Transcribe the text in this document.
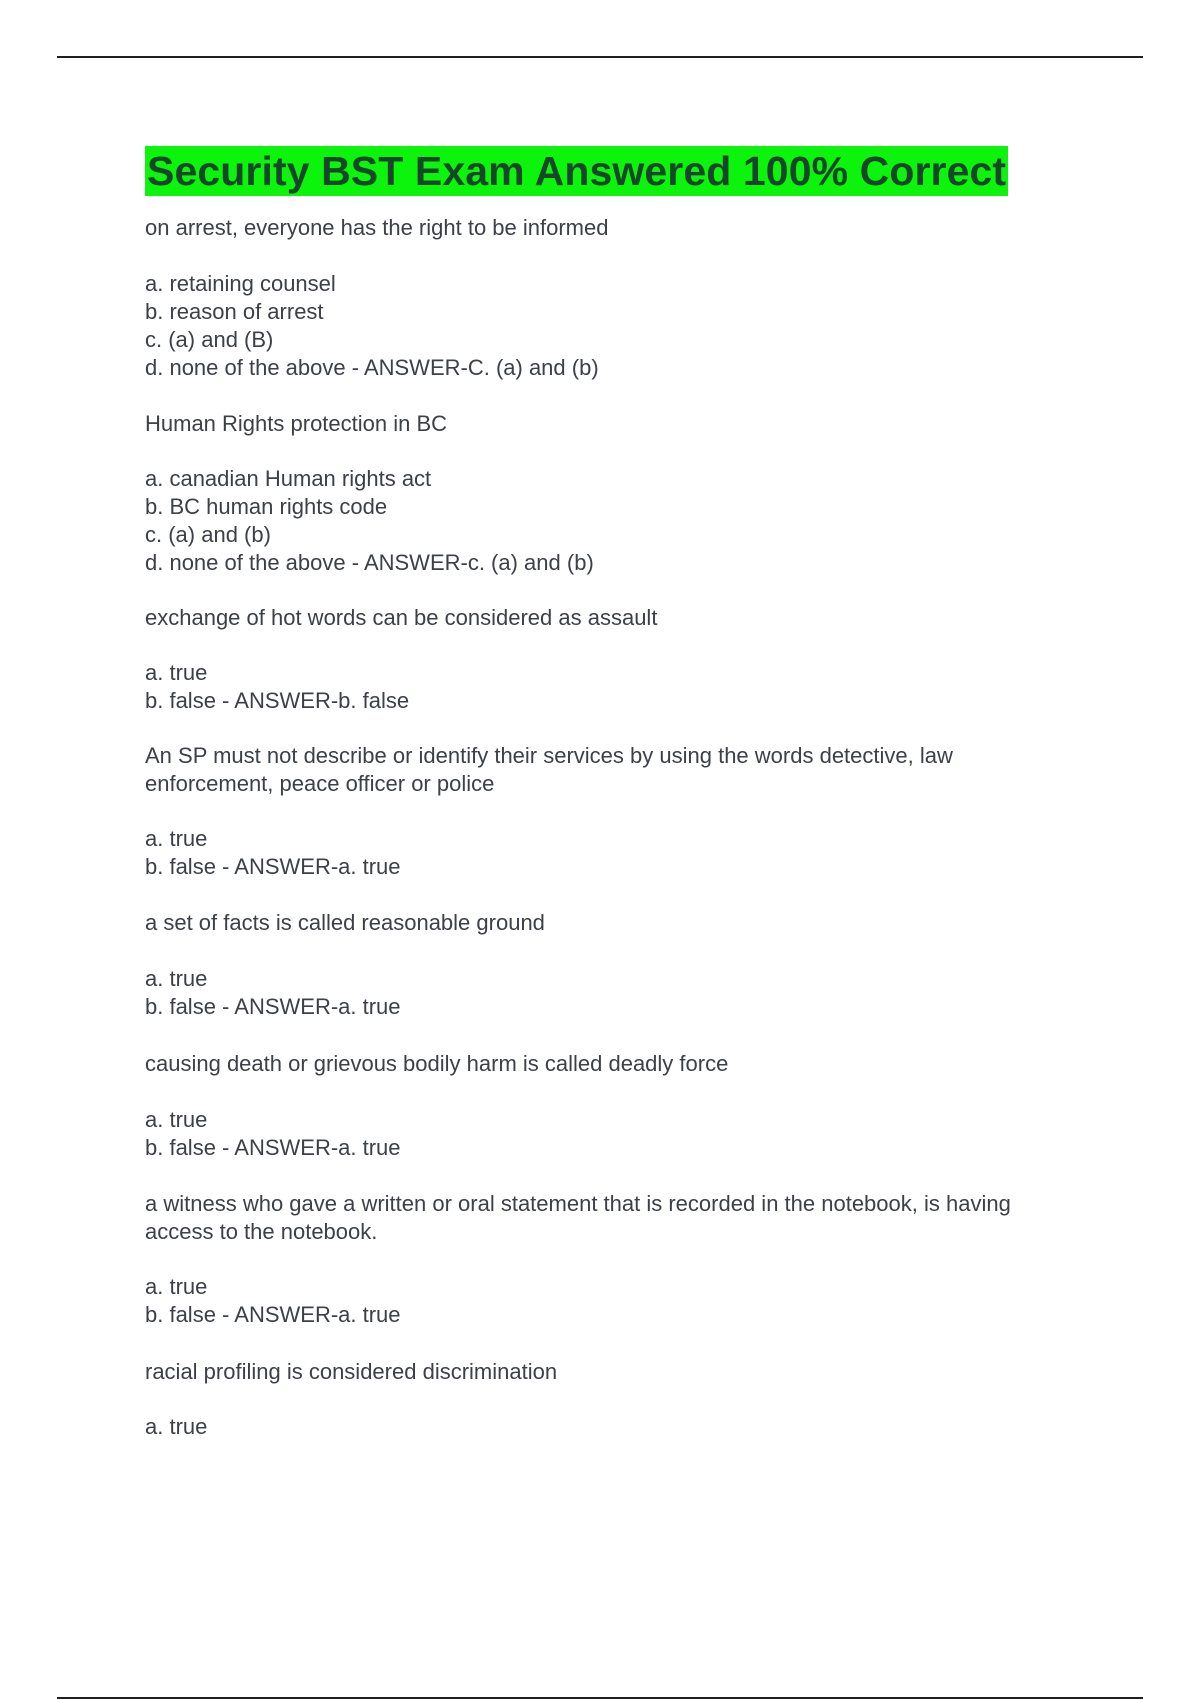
Security BST Exam Answered 100% Correct

on arrest, everyone has the right to be informed

a. retaining counsel
b. reason of arrest
c. (a) and (B)
d. none of the above - ANSWER-C. (a) and (b)

Human Rights protection in BC

a. canadian Human rights act
b. BC human rights code
c. (a) and (b)
d. none of the above - ANSWER-c. (a) and (b)

exchange of hot words can be considered as assault

a. true
b. false - ANSWER-b. false

An SP must not describe or identify their services by using the words detective, law enforcement, peace officer or police

a. true
b. false - ANSWER-a. true

a set of facts is called reasonable ground

a. true
b. false - ANSWER-a. true

causing death or grievous bodily harm is called deadly force

a. true
b. false - ANSWER-a. true

a witness who gave a written or oral statement that is recorded in the notebook, is having access to the notebook.

a. true
b. false - ANSWER-a. true

racial profiling is considered discrimination

a. true
